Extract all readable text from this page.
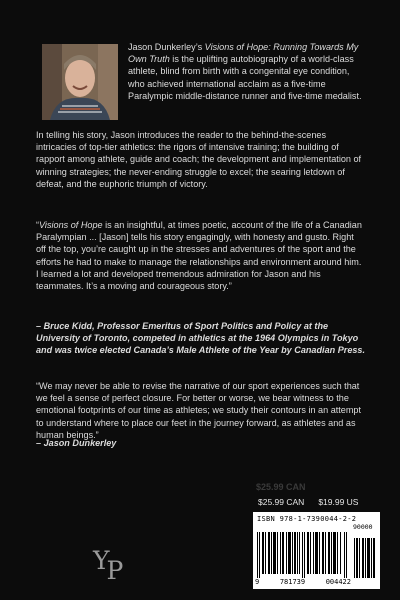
Jason Dunkerley’s Visions of Hope: Running Towards My Own Truth is the uplifting autobiography of a world-class athlete, blind from birth with a congenital eye condition, who achieved international acclaim as a five-time Paralympic middle-distance runner and five-time medalist.

In telling his story, Jason introduces the reader to the behind-the-scenes intricacies of top-tier athletics: the rigors of intensive training; the building of rapport among athlete, guide and coach; the development and implementation of winning strategies; the never-ending struggle to excel; the searing letdown of defeat, and the euphoric triumph of victory.

“Visions of Hope is an insightful, at times poetic, account of the life of a Canadian Paralympian ... [Jason] tells his story engagingly, with honesty and gusto. Right off the top, you’re caught up in the stresses and adventures of the sport and the efforts he had to make to manage the relationships and environment around him. I learned a lot and developed tremendous admiration for Jason and his teammates. It’s a moving and courageous story.”

– Bruce Kidd, Professor Emeritus of Sport Politics and Policy at the University of Toronto, competed in athletics at the 1964 Olympics in Tokyo and was twice elected Canada’s Male Athlete of the Year by Canadian Press.

“We may never be able to revise the narrative of our sport experiences such that we feel a sense of perfect closure. For better or worse, we bear witness to the emotional footprints of our time as athletes; we study their contours in an attempt to understand where to place our feet in the journey forward, as athletes and as human beings.”

– Jason Dunkerley

$25.99 CAN
$25.99 CAN $19.99 US
YP
ISBN 978-1-7390044-2-2
90000
9	781739	004422
